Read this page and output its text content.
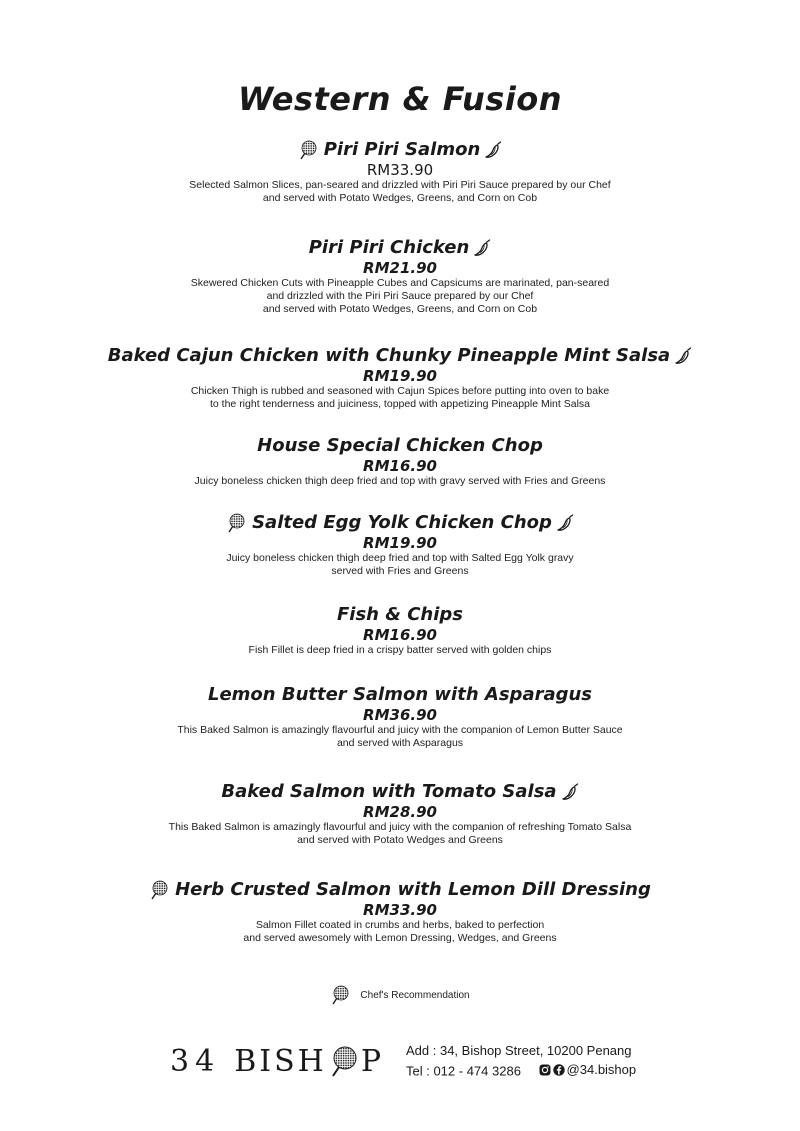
Western & Fusion
Piri Piri Salmon
RM33.90
Selected Salmon Slices, pan-seared and drizzled with Piri Piri Sauce prepared by our Chef
and served with Potato Wedges, Greens, and Corn on Cob
Piri Piri Chicken
RM21.90
Skewered Chicken Cuts with Pineapple Cubes and Capsicums are marinated, pan-seared
and drizzled with the Piri Piri Sauce prepared by our Chef
and served with Potato Wedges, Greens, and Corn on Cob
Baked Cajun Chicken with Chunky Pineapple Mint Salsa
RM19.90
Chicken Thigh is rubbed and seasoned with Cajun Spices before putting into oven to bake
to the right tenderness and juiciness, topped with appetizing Pineapple Mint Salsa
House Special Chicken Chop
RM16.90
Juicy boneless chicken thigh deep fried and top with gravy served with Fries and Greens
Salted Egg Yolk Chicken Chop
RM19.90
Juicy boneless chicken thigh deep fried and top with Salted Egg Yolk gravy
served with Fries and Greens
Fish & Chips
RM16.90
Fish Fillet is deep fried in a crispy batter served with golden chips
Lemon Butter Salmon with Asparagus
RM36.90
This Baked Salmon is amazingly flavourful and juicy with the companion of Lemon Butter Sauce
and served with Asparagus
Baked Salmon with Tomato Salsa
RM28.90
This Baked Salmon is amazingly flavourful and juicy with the companion of refreshing Tomato Salsa
and served with Potato Wedges and Greens
Herb Crusted Salmon with Lemon Dill Dressing
RM33.90
Salmon Fillet coated in crumbs and herbs, baked to perfection
and served awesomely with Lemon Dressing, Wedges, and Greens
Chef's Recommendation
34 BISH P Add : 34, Bishop Street, 10200 Penang
Tel : 012 - 474 3286	@34.bishop
